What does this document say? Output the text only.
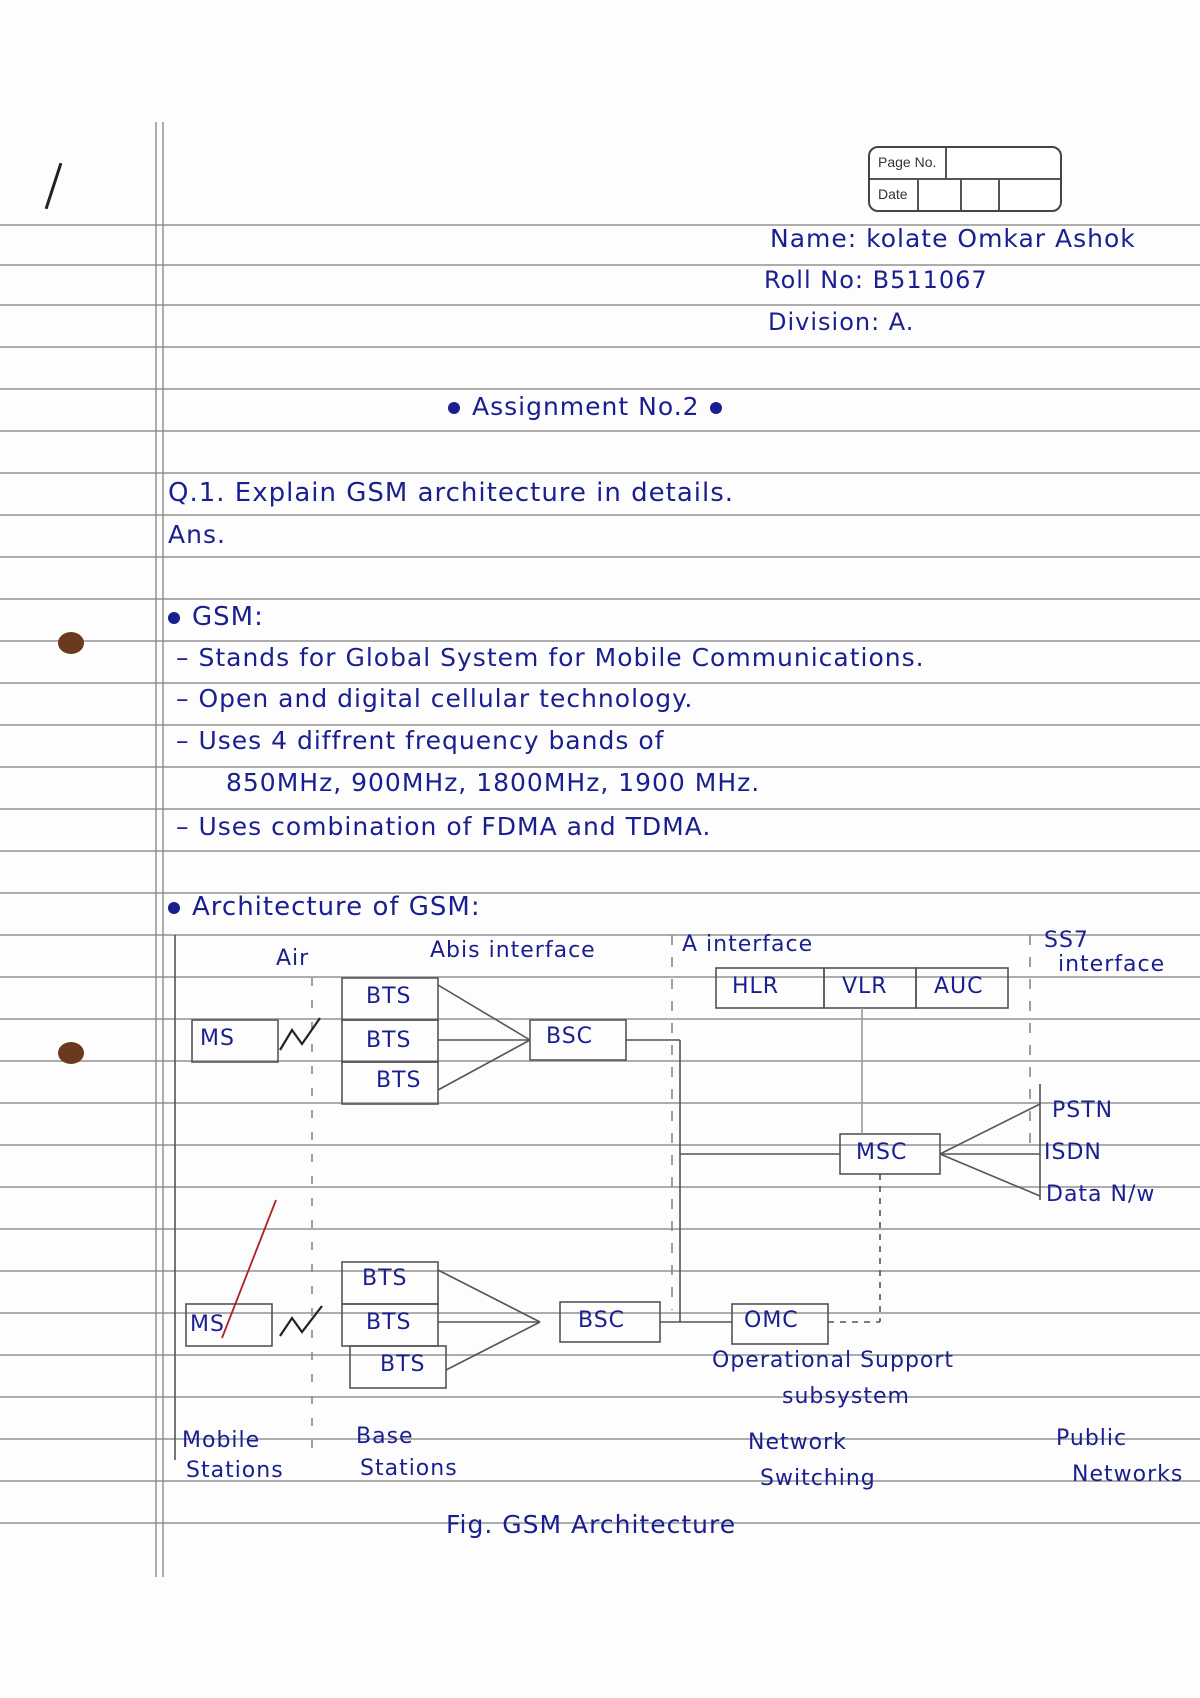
Page No.
Date
Name: kolate Omkar Ashok
Roll No: B511067
Division: A.
Assignment No.2
Q.1. Explain GSM architecture in details.
Ans.
GSM:
– Stands for Global System for Mobile Communications.
– Open and digital cellular technology.
– Uses 4 diffrent frequency bands of
850MHz, 900MHz, 1800MHz, 1900 MHz.
– Uses combination of FDMA and TDMA.
Architecture of GSM:
Air	Abis interface	A interface	SS7
interface
HLR	VLR AUC
MS
BTS
BTS
BTS
BSC
PSTN
MSC	ISDN
Data N/w
BTS
MS	BTS
BTS
BSC	OMC
Operational Support
subsystem
Mobile
Stations
Base
Stations
Network
Switching
Public
Networks
Fig. GSM Architecture
